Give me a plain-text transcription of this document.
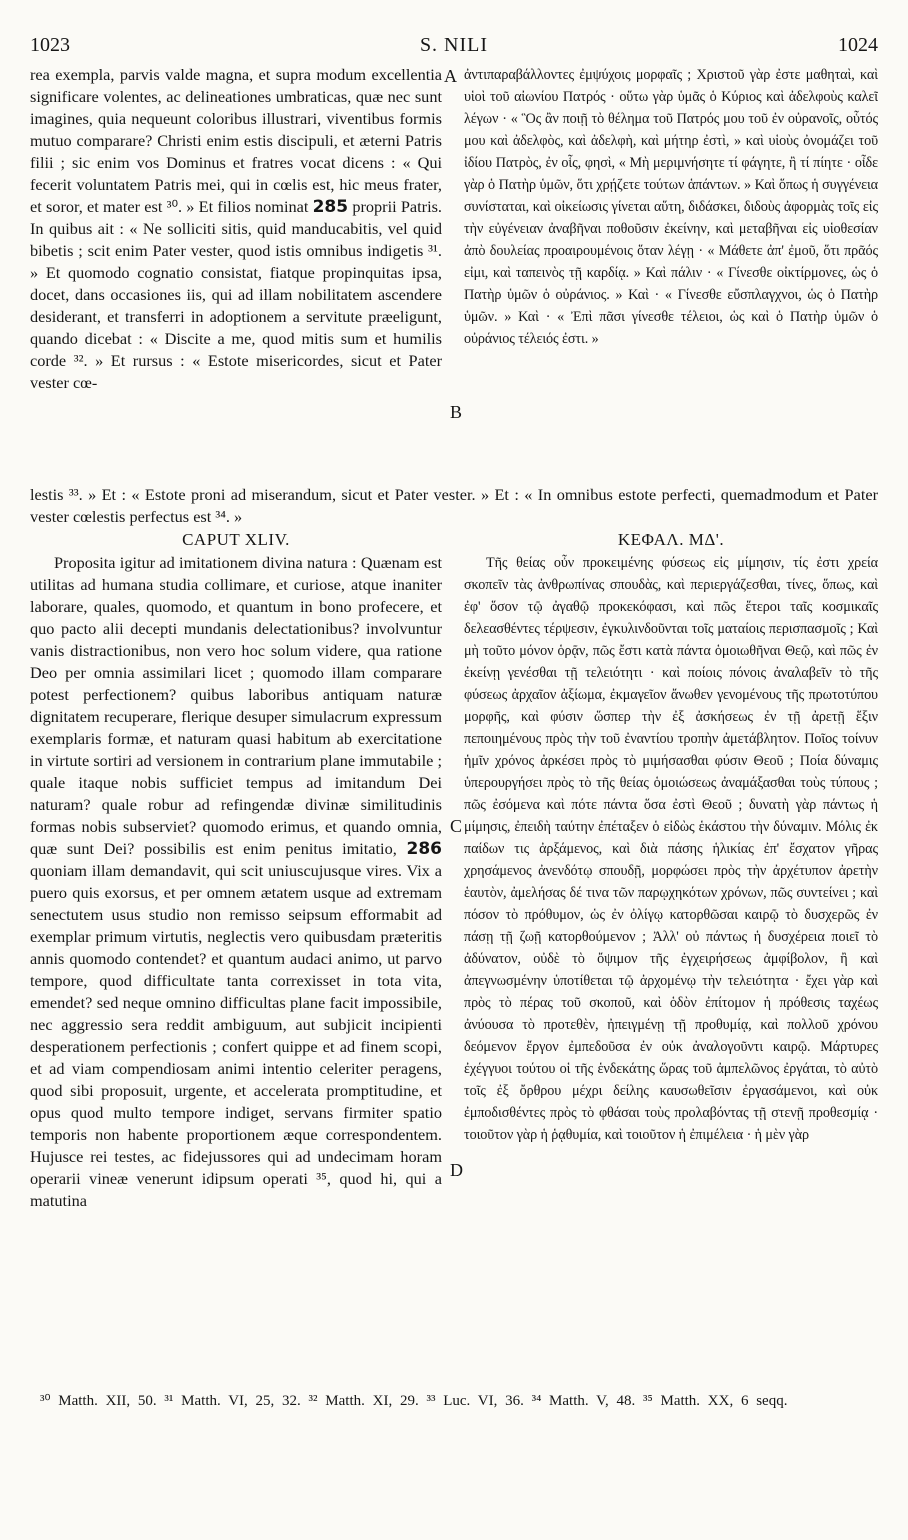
1023	S. NILI	1024

rea exempla, parvis valde magna, et supra modum excellentia significare volentes, ac delineationes umbraticas, quæ nec sunt imagines, quia nequeunt coloribus illustrari, viventibus formis mutuo comparare? Christi enim estis discipuli, et æterni Patris filii ; sic enim vos Dominus et fratres vocat dicens : « Qui fecerit voluntatem Patris mei, qui in cœlis est, hic meus frater, et soror, et mater est ³⁰. » Et filios nominat 285 proprii Patris. In quibus ait : « Ne solliciti sitis, quid manducabitis, vel quid bibetis ; scit enim Pater vester, quod istis omnibus indigetis ³¹. » Et quomodo cognatio consistat, fiatque propinquitas ipsa, docet, dans occasiones iis, qui ad illam nobilitatem ascendere desiderant, et transferri in adoptionem a servitute præeligunt, quando dicebat : « Discite a me, quod mitis sum et humilis corde ³². » Et rursus : « Estote misericordes, sicut et Pater vester cœ-

A
B
C
D

ἀντιπαραβάλλοντες ἐμψύχοις μορφαῖς ; Χριστοῦ γὰρ ἐστε μαθηταὶ, καὶ υἱοὶ τοῦ αἰωνίου Πατρός · οὕτω γὰρ ὑμᾶς ὁ Κύριος καὶ ἀδελφοὺς καλεῖ λέγων · « Ὃς ἂν ποιῇ τὸ θέλημα τοῦ Πατρός μου τοῦ ἐν οὐρανοῖς, οὗτός μου καὶ ἀδελφὸς, καὶ ἀδελφὴ, καὶ μήτηρ ἐστὶ, » καὶ υἱοὺς ὀνομάζει τοῦ ἰδίου Πατρὸς, ἐν οἷς, φησὶ, « Μὴ μεριμνήσητε τί φάγητε, ἢ τί πίητε · οἶδε γὰρ ὁ Πατὴρ ὑμῶν, ὅτι χρῄζετε τούτων ἁπάντων. » Καὶ ὅπως ἡ συγγένεια συνίσταται, καὶ οἰκείωσις γίνεται αὕτη, διδάσκει, διδοὺς ἀφορμὰς τοῖς εἰς τὴν εὐγένειαν ἀναβῆναι ποθοῦσιν ἐκείνην, καὶ μεταβῆναι εἰς υἱοθεσίαν ἀπὸ δουλείας προαιρουμένοις ὅταν λέγῃ · « Μάθετε ἀπ' ἐμοῦ, ὅτι πρᾶός εἰμι, καὶ ταπεινὸς τῇ καρδίᾳ. » Καὶ πάλιν · « Γίνεσθε οἰκτίρμονες, ὡς ὁ Πατὴρ ὑμῶν ὁ οὐράνιος. » Καὶ · « Γίνεσθε εὔσπλαγχνοι, ὡς ὁ Πατὴρ ὑμῶν. » Καὶ · « Ἐπὶ πᾶσι γίνεσθε τέλειοι, ὡς καὶ ὁ Πατὴρ ὑμῶν ὁ οὐράνιος τέλειός ἐστι. »

lestis ³³. » Et : « Estote proni ad miserandum, sicut et Pater vester. » Et : « In omnibus estote perfecti, quemadmodum et Pater vester cœlestis perfectus est ³⁴. »
CAPUT XLIV.	ΚΕΦΑΛ. ΜΔ'.

Proposita igitur ad imitationem divina natura : Quænam est utilitas ad humana studia collimare, et curiose, atque inaniter laborare, quales, quomodo, et quantum in bono profecere, et quo pacto alii decepti mundanis delectationibus? involvuntur vanis distractionibus, non vero hoc solum videre, qua ratione Deo per omnia assimilari licet ; quomodo illam comparare potest perfectionem? quibus laboribus antiquam naturæ dignitatem recuperare, flerique desuper simulacrum expressum exemplaris formæ, et naturam quasi habitum ab exercitatione in virtute sortiri ad versionem in contrarium plane immutabile ; quale itaque nobis sufficiet tempus ad imitandum Dei naturam? quale robur ad refingendæ divinæ similitudinis formas nobis subserviet? quomodo erimus, et quando omnia, quæ sunt Dei? possibilis est enim penitus imitatio, 286 quoniam illam demandavit, qui scit uniuscujusque vires. Vix a puero quis exorsus, et per omnem ætatem usque ad extremam senectutem usus studio non remisso seipsum efformabit ad exemplar primum virtutis, neglectis vero quibusdam præteritis annis quomodo contendet? et quantum audaci animo, ut parvo tempore, quod difficultate tanta correxisset in tota vita, emendet? sed neque omnino difficultas plane facit impossibile, nec aggressio sera reddit ambiguum, aut subjicit incipienti desperationem perfectionis ; confert quippe et ad finem scopi, et ad viam compendiosam animi intentio celeriter peragens, quod sibi proposuit, urgente, et accelerata promptitudine, et opus quod multo tempore indiget, servans firmiter spatio temporis non habente proportionem æque correspondentem. Hujusce rei testes, ac fidejussores qui ad undecimam horam operarii vineæ venerunt idipsum operati ³⁵, quod hi, qui a matutina

Τῆς θείας οὖν προκειμένης φύσεως εἰς μίμησιν, τίς ἐστι χρεία σκοπεῖν τὰς ἀνθρωπίνας σπουδὰς, καὶ περιεργάζεσθαι, τίνες, ὅπως, καὶ ἐφ' ὅσον τῷ ἀγαθῷ προκεκόφασι, καὶ πῶς ἕτεροι ταῖς κοσμικαῖς δελεασθέντες τέρψεσιν, ἐγκυλινδοῦνται τοῖς ματαίοις περισπασμοῖς ; Καὶ μὴ τοῦτο μόνον ὁρᾷν, πῶς ἔστι κατὰ πάντα ὁμοιωθῆναι Θεῷ, καὶ πῶς ἐν ἐκείνῃ γενέσθαι τῇ τελειότητι · καὶ ποίοις πόνοις ἀναλαβεῖν τὸ τῆς φύσεως ἀρχαῖον ἀξίωμα, ἐκμαγεῖον ἄνωθεν γενομένους τῆς πρωτοτύπου μορφῆς, καὶ φύσιν ὥσπερ τὴν ἐξ ἀσκήσεως ἐν τῇ ἀρετῇ ἕξιν πεποιημένους πρὸς τὴν τοῦ ἐναντίου τροπὴν ἀμετάβλητον. Ποῖος τοίνυν ἡμῖν χρόνος ἀρκέσει πρὸς τὸ μιμήσασθαι φύσιν Θεοῦ ; Ποία δύναμις ὑπερουργήσει πρὸς τὸ τῆς θείας ὁμοιώσεως ἀναμάξασθαι τοὺς τύπους ; πῶς ἐσόμενα καὶ πότε πάντα ὅσα ἐστὶ Θεοῦ ; δυνατὴ γὰρ πάντως ἡ μίμησις, ἐπειδὴ ταύτην ἐπέταξεν ὁ εἰδὼς ἑκάστου τὴν δύναμιν. Μόλις ἐκ παίδων τις ἀρξάμενος, καὶ διὰ πάσης ἡλικίας ἐπ' ἔσχατον γῆρας χρησάμενος ἀνενδότῳ σπουδῇ, μορφώσει πρὸς τὴν ἀρχέτυπον ἀρετὴν ἑαυτὸν, ἀμελήσας δέ τινα τῶν παρῳχηκότων χρόνων, πῶς συντείνει ; καὶ πόσον τὸ πρόθυμον, ὡς ἐν ὀλίγῳ κατορθῶσαι καιρῷ τὸ δυσχερῶς ἐν πάσῃ τῇ ζωῇ κατορθούμενον ; Ἀλλ' οὐ πάντως ἡ δυσχέρεια ποιεῖ τὸ ἀδύνατον, οὐδὲ τὸ ὄψιμον τῆς ἐγχειρήσεως ἀμφίβολον, ἢ καὶ ἀπεγνωσμένην ὑποτίθεται τῷ ἀρχομένῳ τὴν τελειότητα · ἔχει γὰρ καὶ πρὸς τὸ πέρας τοῦ σκοποῦ, καὶ ὁδὸν ἐπίτομον ἡ πρόθεσις ταχέως ἀνύουσα τὸ προτεθὲν, ἠπειγμένῃ τῇ προθυμίᾳ, καὶ πολλοῦ χρόνου δεόμενον ἔργον ἐμπεδοῦσα ἐν οὐκ ἀναλογοῦντι καιρῷ. Μάρτυρες ἐχέγγυοι τούτου οἱ τῆς ἑνδεκάτης ὥρας τοῦ ἀμπελῶνος ἐργάται, τὸ αὐτὸ τοῖς ἐξ ὄρθρου μέχρι δείλης καυσωθεῖσιν ἐργασάμενοι, καὶ οὐκ ἐμποδισθέντες πρὸς τὸ φθάσαι τοὺς προλαβόντας τῇ στενῇ προθεσμίᾳ · τοιοῦτον γὰρ ἡ ῥᾳθυμία, καὶ τοιοῦτον ἡ ἐπιμέλεια · ἡ μὲν γὰρ

³⁰ Matth. XII, 50. ³¹ Matth. VI, 25, 32. ³² Matth. XI, 29. ³³ Luc. VI, 36. ³⁴ Matth. V, 48. ³⁵ Matth. XX, 6 seqq.
